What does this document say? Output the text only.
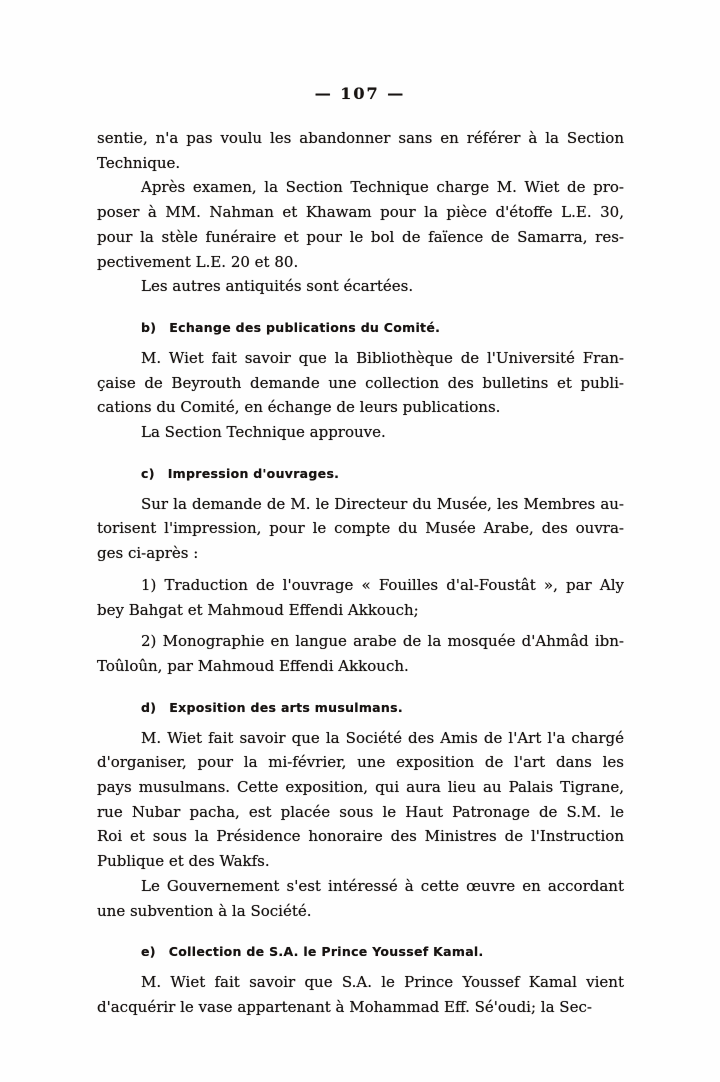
— 107 —
sentie, n'a pas voulu les abandonner sans en référer à la Section
Technique.
Après examen, la Section Technique charge M. Wiet de pro-
poser à MM. Nahman et Khawam pour la pièce d'étoffe L.E. 30,
pour la stèle funéraire et pour le bol de faïence de Samarra, res-
pectivement L.E. 20 et 80.
Les autres antiquités sont écartées.
b) Echange des publications du Comité.
M. Wiet fait savoir que la Bibliothèque de l'Université Fran-
çaise de Beyrouth demande une collection des bulletins et publi-
cations du Comité, en échange de leurs publications.
La Section Technique approuve.
c) Impression d'ouvrages.
Sur la demande de M. le Directeur du Musée, les Membres au-
torisent l'impression, pour le compte du Musée Arabe, des ouvra-
ges ci-après :
1) Traduction de l'ouvrage « Fouilles d'al-Foustât », par Aly
bey Bahgat et Mahmoud Effendi Akkouch;
2) Monographie en langue arabe de la mosquée d'Ahmâd ibn-
Toûloûn, par Mahmoud Effendi Akkouch.
d) Exposition des arts musulmans.
M. Wiet fait savoir que la Société des Amis de l'Art l'a chargé
d'organiser, pour la mi-février, une exposition de l'art dans les
pays musulmans. Cette exposition, qui aura lieu au Palais Tigrane,
rue Nubar pacha, est placée sous le Haut Patronage de S.M. le
Roi et sous la Présidence honoraire des Ministres de l'Instruction
Publique et des Wakfs.
Le Gouvernement s'est intéressé à cette œuvre en accordant
une subvention à la Société.
e) Collection de S.A. le Prince Youssef Kamal.
M. Wiet fait savoir que S.A. le Prince Youssef Kamal vient
d'acquérir le vase appartenant à Mohammad Eff. Sé'oudi; la Sec-
